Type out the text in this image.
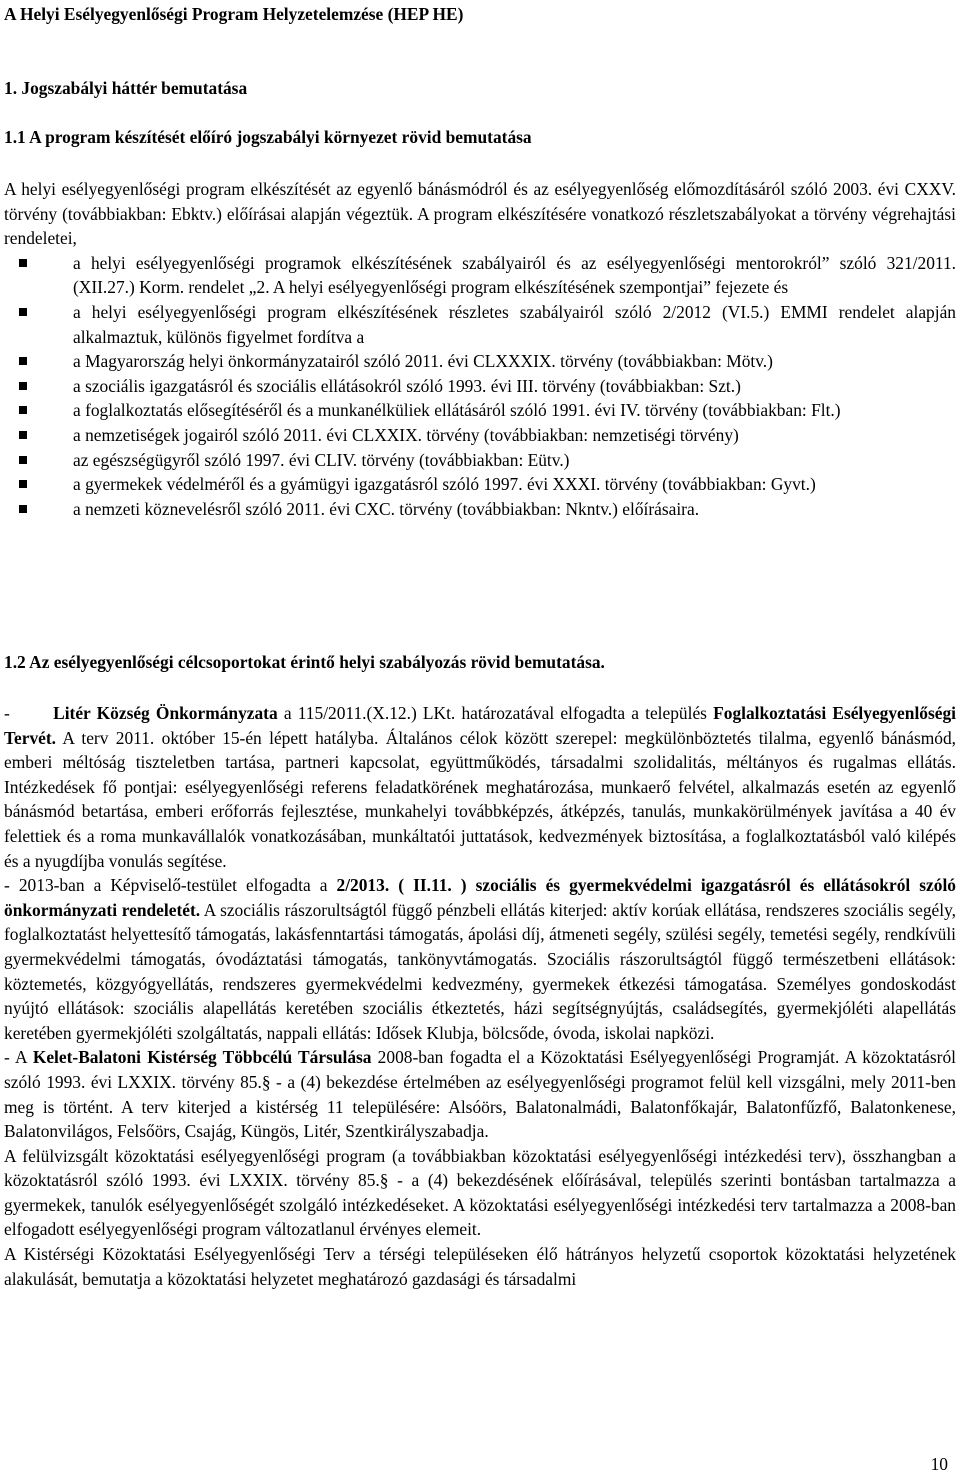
A Helyi Esélyegyenlőségi Program Helyzetelemzése (HEP HE)
1. Jogszabályi háttér bemutatása
1.1 A program készítését előíró jogszabályi környezet rövid bemutatása

A helyi esélyegyenlőségi program elkészítését az egyenlő bánásmódról és az esélyegyenlőség előmozdításáról szóló 2003. évi CXXV. törvény (továbbiakban: Ebktv.) előírásai alapján végeztük. A program elkészítésére vonatkozó részletszabályokat a törvény végrehajtási rendeletei,

a helyi esélyegyenlőségi programok elkészítésének szabályairól és az esélyegyenlőségi mentorokról” szóló 321/2011. (XII.27.) Korm. rendelet „2. A helyi esélyegyenlőségi program elkészítésének szempontjai” fejezete és
a helyi esélyegyenlőségi program elkészítésének részletes szabályairól szóló 2/2012 (VI.5.) EMMI rendelet alapján alkalmaztuk, különös figyelmet fordítva a
a Magyarország helyi önkormányzatairól szóló 2011. évi CLXXXIX. törvény (továbbiakban: Mötv.)
a szociális igazgatásról és szociális ellátásokról szóló 1993. évi III. törvény (továbbiakban: Szt.)
a foglalkoztatás elősegítéséről és a munkanélküliek ellátásáról szóló 1991. évi IV. törvény (továbbiakban: Flt.)
a nemzetiségek jogairól szóló 2011. évi CLXXIX. törvény (továbbiakban: nemzetiségi törvény)
az egészségügyről szóló 1997. évi CLIV. törvény (továbbiakban: Eütv.)
a gyermekek védelméről és a gyámügyi igazgatásról szóló 1997. évi XXXI. törvény (továbbiakban: Gyvt.)
a nemzeti köznevelésről szóló 2011. évi CXC. törvény (továbbiakban: Nkntv.) előírásaira.
1.2 Az esélyegyenlőségi célcsoportokat érintő helyi szabályozás rövid bemutatása.

- Litér Község Önkormányzata a 115/2011.(X.12.) LKt. határozatával elfogadta a település Foglalkoztatási Esélyegyenlőségi Tervét. A terv 2011. október 15-én lépett hatályba. Általános célok között szerepel: megkülönböztetés tilalma, egyenlő bánásmód, emberi méltóság tiszteletben tartása, partneri kapcsolat, együttműködés, társadalmi szolidalitás, méltányos és rugalmas ellátás. Intézkedések fő pontjai: esélyegyenlőségi referens feladatkörének meghatározása, munkaerő felvétel, alkalmazás esetén az egyenlő bánásmód betartása, emberi erőforrás fejlesztése, munkahelyi továbbképzés, átképzés, tanulás, munkakörülmények javítása a 40 év felettiek és a roma munkavállalók vonatkozásában, munkáltatói juttatások, kedvezmények biztosítása, a foglalkoztatásból való kilépés és a nyugdíjba vonulás segítése.

- 2013-ban a Képviselő-testület elfogadta a 2/2013. ( II.11. ) szociális és gyermekvédelmi igazgatásról és ellátásokról szóló önkormányzati rendeletét. A szociális rászorultságtól függő pénzbeli ellátás kiterjed: aktív korúak ellátása, rendszeres szociális segély, foglalkoztatást helyettesítő támogatás, lakásfenntartási támogatás, ápolási díj, átmeneti segély, szülési segély, temetési segély, rendkívüli gyermekvédelmi támogatás, óvodáztatási támogatás, tankönyvtámogatás. Szociális rászorultságtól függő természetbeni ellátások: köztemetés, közgyógyellátás, rendszeres gyermekvédelmi kedvezmény, gyermekek étkezési támogatása. Személyes gondoskodást nyújtó ellátások: szociális alapellátás keretében szociális étkeztetés, házi segítségnyújtás, családsegítés, gyermekjóléti alapellátás keretében gyermekjóléti szolgáltatás, nappali ellátás: Idősek Klubja, bölcsőde, óvoda, iskolai napközi.

- A Kelet-Balatoni Kistérség Többcélú Társulása 2008-ban fogadta el a Közoktatási Esélyegyenlőségi Programját. A közoktatásról szóló 1993. évi LXXIX. törvény 85.§ - a (4) bekezdése értelmében az esélyegyenlőségi programot felül kell vizsgálni, mely 2011-ben meg is történt. A terv kiterjed a kistérség 11 településére: Alsóörs, Balatonalmádi, Balatonfőkajár, Balatonfűzfő, Balatonkenese, Balatonvilágos, Felsőörs, Csajág, Küngös, Litér, Szentkirályszabadja.

A felülvizsgált közoktatási esélyegyenlőségi program (a továbbiakban közoktatási esélyegyenlőségi intézkedési terv), összhangban a közoktatásról szóló 1993. évi LXXIX. törvény 85.§ - a (4) bekezdésének előírásával, település szerinti bontásban tartalmazza a gyermekek, tanulók esélyegyenlőségét szolgáló intézkedéseket. A közoktatási esélyegyenlőségi intézkedési terv tartalmazza a 2008-ban elfogadott esélyegyenlőségi program változatlanul érvényes elemeit.

A Kistérségi Közoktatási Esélyegyenlőségi Terv a térségi településeken élő hátrányos helyzetű csoportok közoktatási helyzetének alakulását, bemutatja a közoktatási helyzetet meghatározó gazdasági és társadalmi

10
